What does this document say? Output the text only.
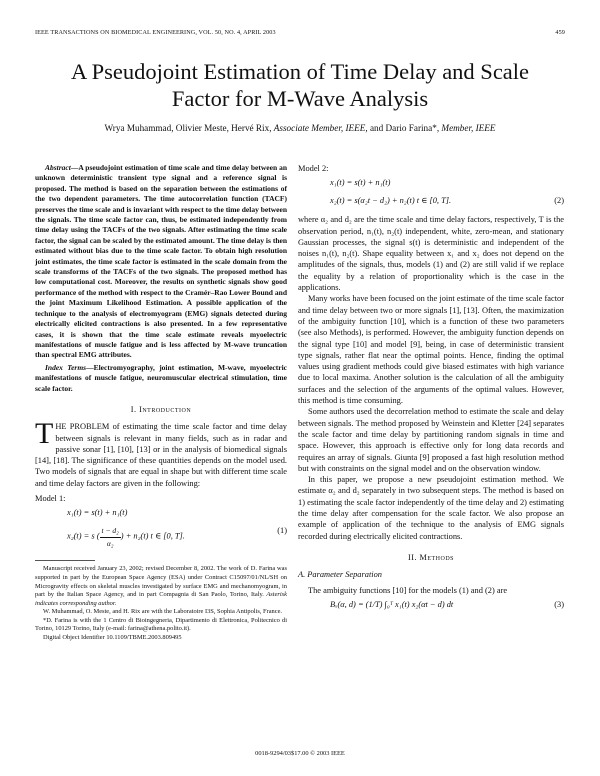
IEEE TRANSACTIONS ON BIOMEDICAL ENGINEERING, VOL. 50, NO. 4, APRIL 2003	459
A Pseudojoint Estimation of Time Delay and Scale
Factor for M-Wave Analysis
Wrya Muhammad, Olivier Meste, Hervé Rix, Associate Member, IEEE, and Dario Farina*, Member, IEEE

Abstract—A pseudojoint estimation of time scale and time delay between an unknown deterministic transient type signal and a reference signal is proposed. The method is based on the separation between the estimations of the two dependent parameters. The time autocorrelation function (TACF) preserves the time scale and is invariant with respect to the time delay between the signals. The time scale factor can, thus, be estimated independently from time delay using the TACFs of the two signals. After estimating the time scale factor, the signal can be scaled by the estimated amount. The time delay is then estimated without bias due to the time scale factor. To obtain high resolution joint estimates, the time scale factor is estimated in the scale domain from the scale transforms of the TACFs of the two signals. The proposed method has low computational cost. Moreover, the results on synthetic signals show good performance of the method with respect to the Cramér–Rao Lower Bound and the joint Maximum Likelihood Estimation. A possible application of the technique to the analysis of electromyogram (EMG) signals detected during electrically elicited contractions is also presented. In a few representative cases, it is shown that the time scale estimate reveals myoelectric manifestations of muscle fatigue and is less affected by M-wave truncation than spectral EMG attributes.

Index Terms—Electromyography, joint estimation, M-wave, myoelectric manifestations of muscle fatigue, neuromuscular electrical stimulation, time scale factor.

I. Introduction

THE PROBLEM of estimating the time scale factor and time delay between signals is relevant in many fields, such as in radar and passive sonar [1], [10], [13] or in the analysis of biomedical signals [14], [18]. The significance of these quantities depends on the model used. Two models of signals that are equal in shape but with different time scale and time delay factors are given in the following:

Model 1:

x₁(t) = s(t) + n₁(t)
x₂(t) = s ( $\frac{\text{t − d₂}}{\text{α₂}}$ ) + n₂(t) t ∈ [0, T].
(1)

Manuscript received January 23, 2002; revised December 8, 2002. The work of D. Farina was supported in part by the European Space Agency (ESA) under Contract C15097/01/NL/SH on Microgravity effects on skeletal muscles investigated by surface EMG and mechanomyogram, in part by the Italian Space Agency, and in part Compagnia di San Paolo, Torino, Italy. Asterisk indicates corresponding author.

W. Muhammad, O. Meste, and H. Rix are with the Laboratoire I3S, Sophia Antipolis, France.

*D. Farina is with the 1 Centro di Bioingegneria, Dipartimento di Elettronica, Politecnico di Torino, 10129 Torino, Italy (e-mail: farina@athena.polito.it).

Digital Object Identifier 10.1109/TBME.2003.809495

Model 2:

x₁(t) = s(t) + n₁(t)
x₂(t) = s(α₂t − d₂) + n₂(t) t ∈ [0, T].	(2)

where α₂ and d₂ are the time scale and time delay factors, respectively, T is the observation period, n₁(t), n₂(t) independent, white, zero-mean, and stationary Gaussian processes, the signal s(t) is deterministic and independent of the noises n₁(t), n₂(t). Shape equality between x₁ and x₂ does not depend on the amplitudes of the signals, thus, models (1) and (2) are still valid if we replace the equality by a relation of proportionality which is the case in the applications.

Many works have been focused on the joint estimate of the time scale factor and time delay between two or more signals [1], [13]. Often, the maximization of the ambiguity function [10], which is a function of these two parameters (see also Methods), is performed. However, the ambiguity function depends on the signal type [10] and model [9], being, in case of deterministic transient type signals, rather flat near the optimal points. Hence, finding the optimal values using gradient methods could give biased estimates with high variance due to local maxima. Another solution is the calculation of all the ambiguity surfaces and the selection of the arguments of the optimal values. However, this method is time consuming.

Some authors used the decorrelation method to estimate the scale and delay between signals. The method proposed by Weinstein and Kletter [24] separates the scale factor and time delay by partitioning random signals in time and space. However, this approach is effective only for long data records and requires an array of signals. Giunta [9] proposed a fast high resolution method but with constraints on the signal model and on the observation window.

In this paper, we propose a new pseudojoint estimation method. We estimate α₂ and d₂ separately in two subsequent steps. The method is based on 1) estimating the scale factor independently of the time delay and 2) estimating the time delay after compensation for the scale factor. We also propose an example of application of the technique to the analysis of EMG signals recorded during electrically elicited contractions.

II. Methods
A. Parameter Separation

The ambiguity functions [10] for the models (1) and (2) are

Bₓ(α, d) = (1/T) ∫₀ᵀ x₁(t) x₂(αt − d) dt	(3)
0018-9294/03$17.00 © 2003 IEEE
